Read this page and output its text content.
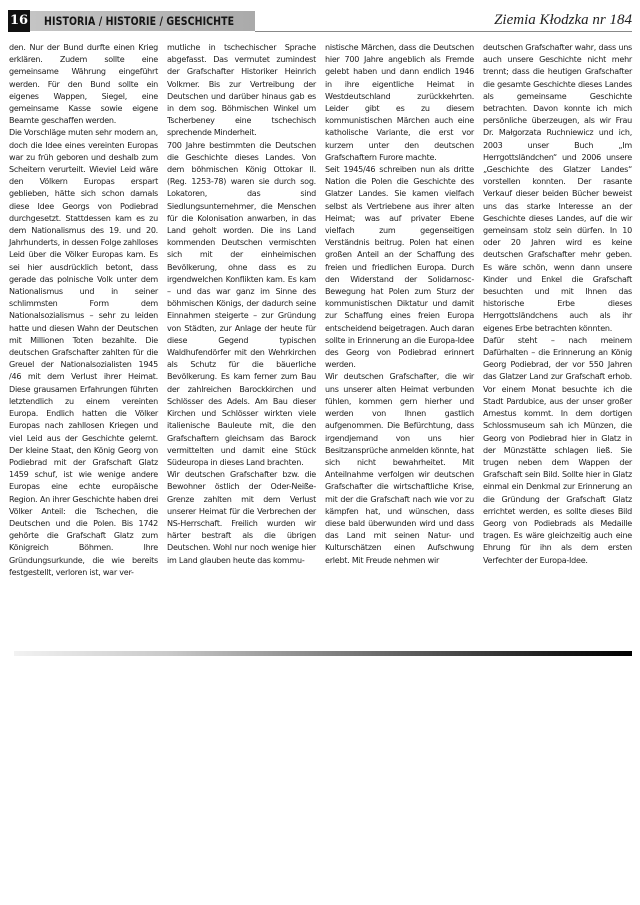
16 HISTORIA / HISTORIE / GESCHICHTE	Ziemia Kłodzka nr 184

den. Nur der Bund durfte einen Krieg erklären. Zudem sollte eine gemeinsame Währung eingeführt werden. Für den Bund sollte ein eigenes Wappen, Siegel, eine gemeinsame Kasse sowie eigene Beamte geschaffen werden.

Die Vorschläge muten sehr modern an, doch die Idee eines vereinten Europas war zu früh geboren und deshalb zum Scheitern verurteilt. Wieviel Leid wäre den Völkern Europas erspart geblieben, hätte sich schon damals diese Idee Georgs von Podiebrad durchgesetzt. Stattdessen kam es zu dem Nationalismus des 19. und 20. Jahrhunderts, in dessen Folge zahlloses Leid über die Völker Europas kam. Es sei hier ausdrücklich betont, dass gerade das polnische Volk unter dem Nationalismus und in seiner schlimmsten Form dem Nationalsozialismus – sehr zu leiden hatte und diesen Wahn der Deutschen mit Millionen Toten bezahlte. Die deutschen Grafschafter zahlten für die Greuel der Nationalsozialisten 1945 /46 mit dem Verlust ihrer Heimat. Diese grausamen Erfahrungen führten letztendlich zu einem vereinten Europa. Endlich hatten die Völker Europas nach zahllosen Kriegen und viel Leid aus der Geschichte gelernt. Der kleine Staat, den König Georg von Podiebrad mit der Grafschaft Glatz 1459 schuf, ist wie wenige andere Europas eine echte europäische Region. An ihrer Geschichte haben drei Völker Anteil: die Tschechen, die Deutschen und die Polen. Bis 1742 gehörte die Grafschaft Glatz zum Königreich Böhmen. Ihre Gründungsurkunde, die wie bereits festgestellt, verloren ist, war ver-

mutliche in tschechischer Sprache abgefasst. Das vermutet zumindest der Grafschafter Historiker Heinrich Volkmer. Bis zur Vertreibung der Deutschen und darüber hinaus gab es in dem sog. Böhmischen Winkel um Tscherbeney eine tschechisch sprechende Minderheit.

700 Jahre bestimmten die Deutschen die Geschichte dieses Landes. Von dem böhmischen König Ottokar II. (Reg. 1253-78) waren sie durch sog. Lokatoren, das sind Siedlungsunternehmer, die Menschen für die Kolonisation anwarben, in das Land geholt worden. Die ins Land kommenden Deutschen vermischten sich mit der einheimischen Bevölkerung, ohne dass es zu irgendwelchen Konflikten kam. Es kam – und das war ganz im Sinne des böhmischen Königs, der dadurch seine Einnahmen steigerte – zur Gründung von Städten, zur Anlage der heute für diese Gegend typischen Waldhufendörfer mit den Wehrkirchen als Schutz für die bäuerliche Bevölkerung. Es kam ferner zum Bau der zahlreichen Barockkirchen und Schlösser des Adels. Am Bau dieser Kirchen und Schlösser wirkten viele italienische Bauleute mit, die den Grafschaftern gleichsam das Barock vermittelten und damit eine Stück Südeuropa in dieses Land brachten.

Wir deutschen Grafschafter bzw. die Bewohner östlich der Oder-Neiße-Grenze zahlten mit dem Verlust unserer Heimat für die Verbrechen der NS-Herrschaft. Freilich wurden wir härter bestraft als die übrigen Deutschen. Wohl nur noch wenige hier im Land glauben heute das kommu-

nistische Märchen, dass die Deutschen hier 700 Jahre angeblich als Fremde gelebt haben und dann endlich 1946 in ihre eigentliche Heimat in Westdeutschland zurückkehrten. Leider gibt es zu diesem kommunistischen Märchen auch eine katholische Variante, die erst vor kurzem unter den deutschen Grafschaftern Furore machte.

Seit 1945/46 schreiben nun als dritte Nation die Polen die Geschichte des Glatzer Landes. Sie kamen vielfach selbst als Vertriebene aus ihrer alten Heimat; was auf privater Ebene vielfach zum gegenseitigen Verständnis beitrug. Polen hat einen großen Anteil an der Schaffung des freien und friedlichen Europa. Durch den Widerstand der Solidarnosc-Bewegung hat Polen zum Sturz der kommunistischen Diktatur und damit zur Schaffung eines freien Europa entscheidend beigetragen. Auch daran sollte in Erinnerung an die Europa-Idee des Georg von Podiebrad erinnert werden.

Wir deutschen Grafschafter, die wir uns unserer alten Heimat verbunden fühlen, kommen gern hierher und werden von Ihnen gastlich aufgenommen. Die Befürchtung, dass irgendjemand von uns hier Besitzansprüche anmelden könnte, hat sich nicht bewahrheitet. Mit Anteilnahme verfolgen wir deutschen Grafschafter die wirtschaftliche Krise, mit der die Grafschaft nach wie vor zu kämpfen hat, und wünschen, dass diese bald überwunden wird und dass das Land mit seinen Natur- und Kulturschätzen einen Aufschwung erlebt. Mit Freude nehmen wir

deutschen Grafschafter wahr, dass uns auch unsere Geschichte nicht mehr trennt; dass die heutigen Grafschafter die gesamte Geschichte dieses Landes als gemeinsame Geschichte betrachten. Davon konnte ich mich persönliche überzeugen, als wir Frau Dr. Małgorzata Ruchniewicz und ich, 2003 unser Buch „Im Herrgottsländchen“ und 2006 unsere „Geschichte des Glatzer Landes“ vorstellen konnten. Der rasante Verkauf dieser beiden Bücher beweist uns das starke Interesse an der Geschichte dieses Landes, auf die wir gemeinsam stolz sein dürfen. In 10 oder 20 Jahren wird es keine deutschen Grafschafter mehr geben. Es wäre schön, wenn dann unsere Kinder und Enkel die Grafschaft besuchten und mit Ihnen das historische Erbe dieses Herrgottsländchens auch als ihr eigenes Erbe betrachten könnten.

Dafür steht – nach meinem Dafürhalten – die Erinnerung an König Georg Podiebrad, der vor 550 Jahren das Glatzer Land zur Grafschaft erhob. Vor einem Monat besuchte ich die Stadt Pardubice, aus der unser großer Arnestus kommt. In dem dortigen Schlossmuseum sah ich Münzen, die Georg von Podiebrad hier in Glatz in der Münzstätte schlagen ließ. Sie trugen neben dem Wappen der Grafschaft sein Bild. Sollte hier in Glatz einmal ein Denkmal zur Erinnerung an die Gründung der Grafschaft Glatz errichtet werden, es sollte dieses Bild Georg von Podiebrads als Medaille tragen. Es wäre gleichzeitig auch eine Ehrung für ihn als dem ersten Verfechter der Europa-Idee.
